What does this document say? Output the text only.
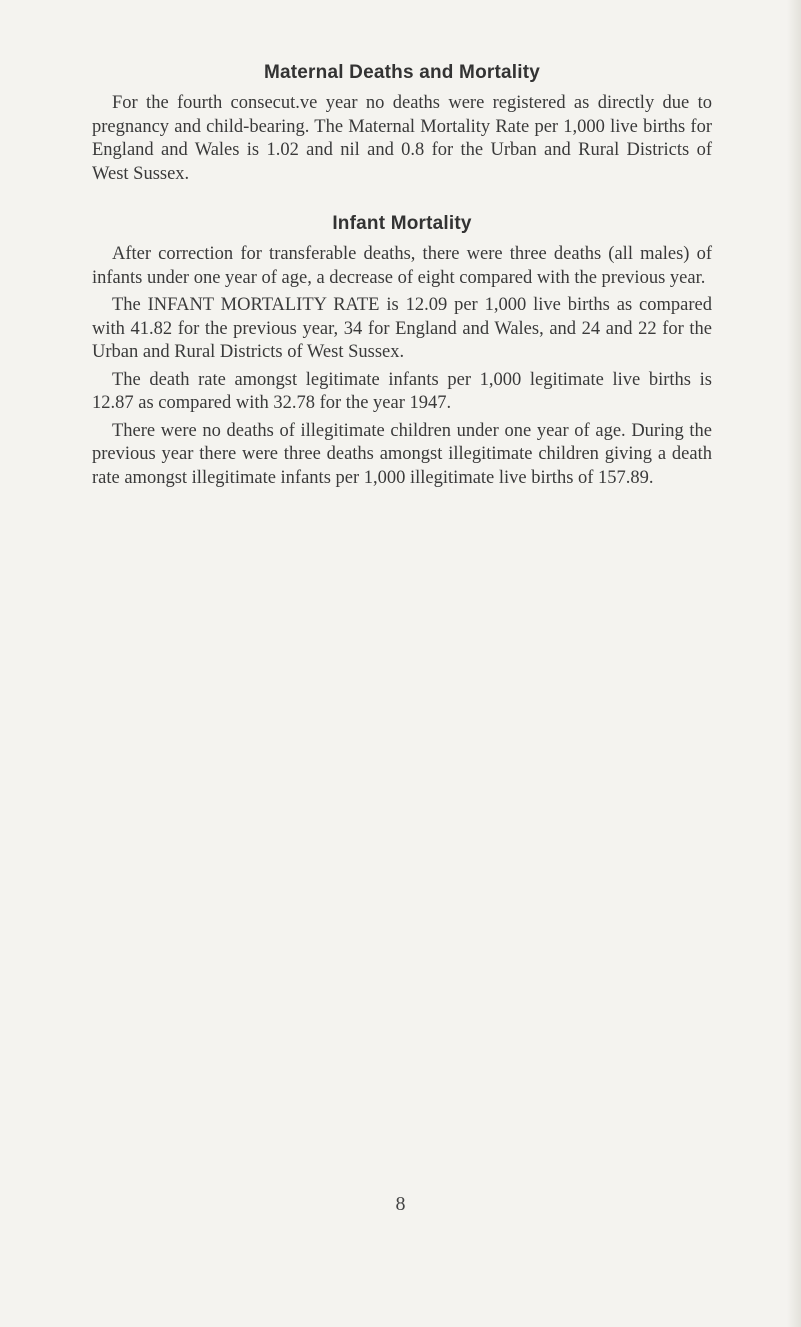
Maternal Deaths and Mortality

For the fourth consecut.ve year no deaths were registered as directly due to pregnancy and child-bearing. The Maternal Mortality Rate per 1,000 live births for England and Wales is 1.02 and nil and 0.8 for the Urban and Rural Districts of West Sussex.

Infant Mortality

After correction for transferable deaths, there were three deaths (all males) of infants under one year of age, a decrease of eight compared with the previous year.

The INFANT MORTALITY RATE is 12.09 per 1,000 live births as compared with 41.82 for the previous year, 34 for England and Wales, and 24 and 22 for the Urban and Rural Districts of West Sussex.

The death rate amongst legitimate infants per 1,000 legitimate live births is 12.87 as compared with 32.78 for the year 1947.

There were no deaths of illegitimate children under one year of age. During the previous year there were three deaths amongst illegitimate children giving a death rate amongst illegitimate infants per 1,000 illegitimate live births of 157.89.

8
